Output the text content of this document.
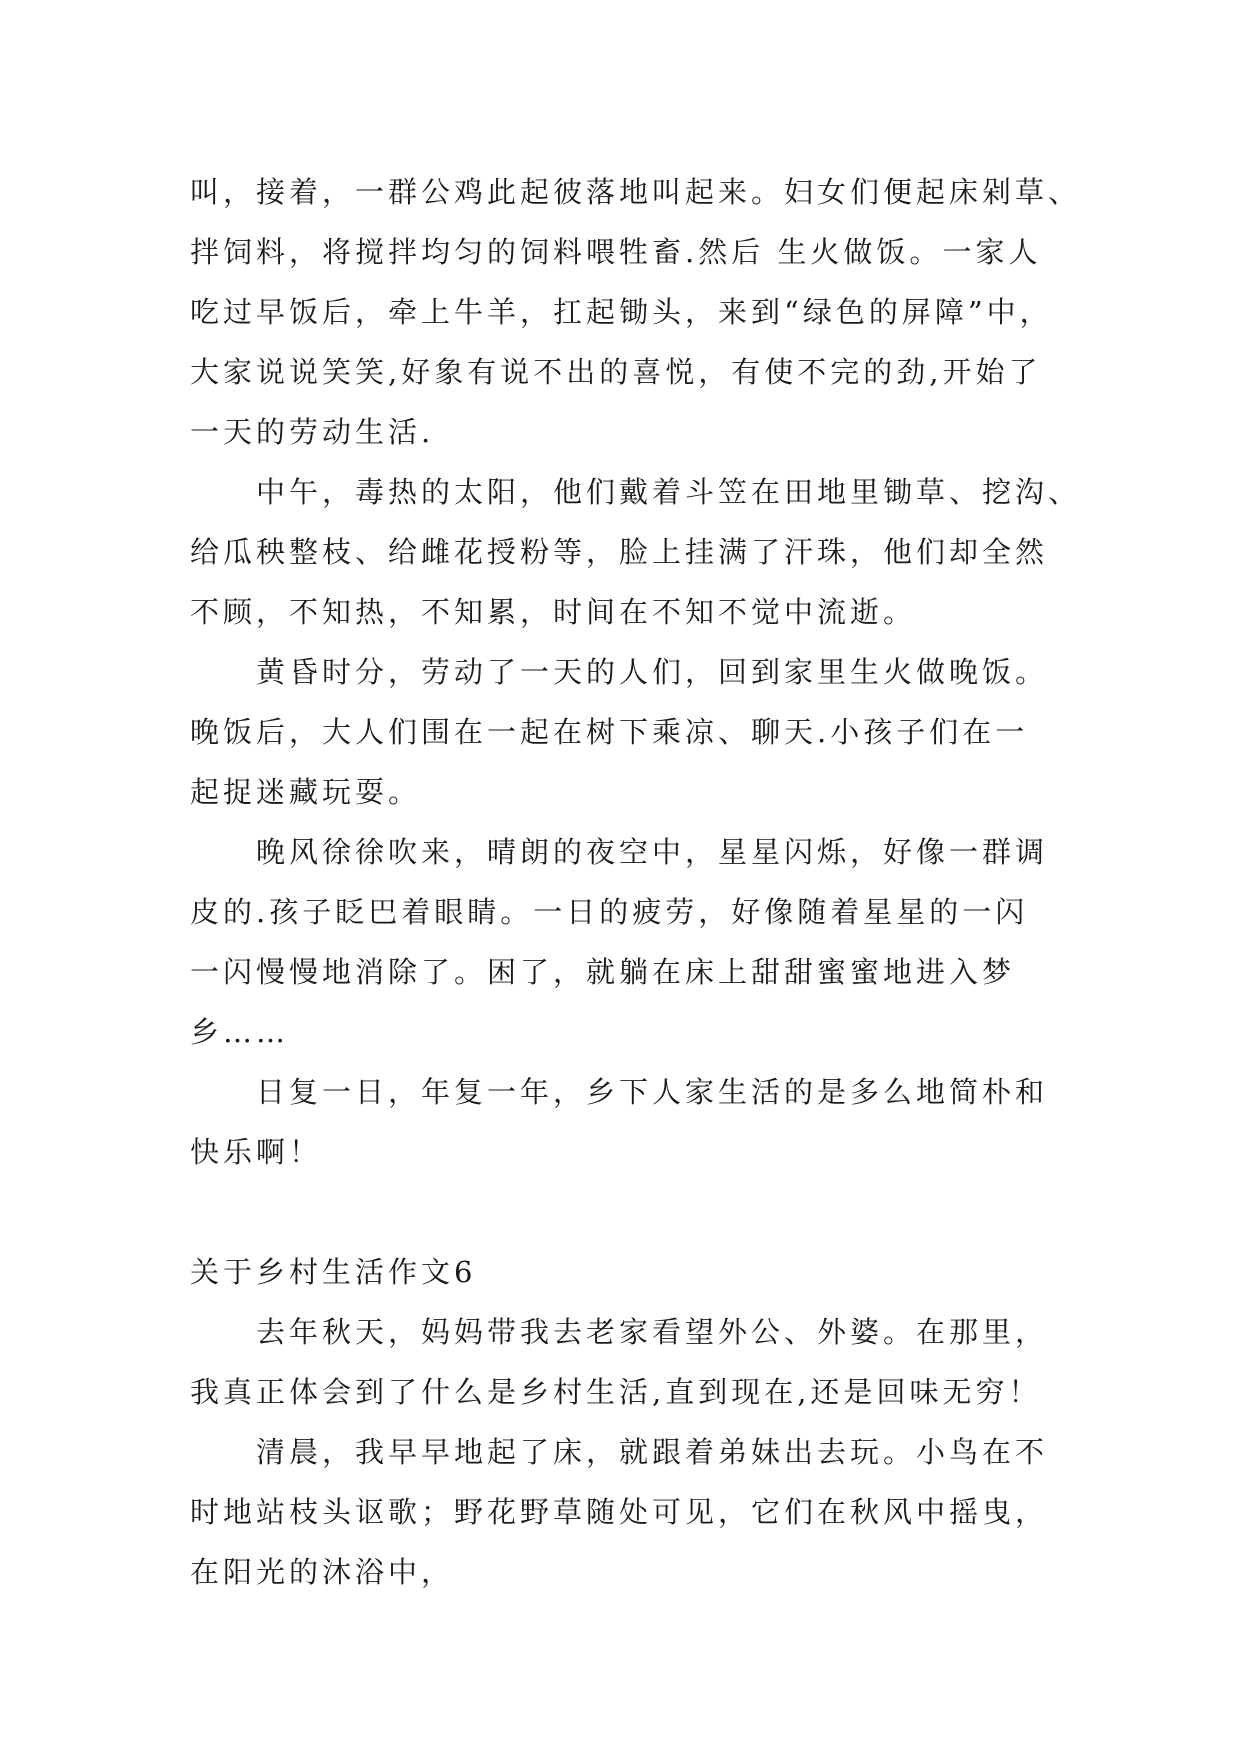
叫，接着，一群公鸡此起彼落地叫起来。妇女们便起床剁草、
拌饲料，将搅拌均匀的饲料喂牲畜.然后 生火做饭。一家人
吃过早饭后，牵上牛羊，扛起锄头，来到“绿色的屏障”中，
大家说说笑笑,好象有说不出的喜悦，有使不完的劲,开始了
一天的劳动生活.

中午，毒热的太阳，他们戴着斗笠在田地里锄草、挖沟、
给瓜秧整枝、给雌花授粉等，脸上挂满了汗珠，他们却全然
不顾，不知热，不知累，时间在不知不觉中流逝。

黄昏时分，劳动了一天的人们，回到家里生火做晚饭。
晚饭后，大人们围在一起在树下乘凉、聊天.小孩子们在一
起捉迷藏玩耍。

晚风徐徐吹来，晴朗的夜空中，星星闪烁，好像一群调
皮的.孩子眨巴着眼睛。一日的疲劳，好像随着星星的一闪
一闪慢慢地消除了。困了，就躺在床上甜甜蜜蜜地进入梦
乡……

日复一日，年复一年，乡下人家生活的是多么地简朴和
快乐啊！

关于乡村生活作文6

去年秋天，妈妈带我去老家看望外公、外婆。在那里，
我真正体会到了什么是乡村生活,直到现在,还是回味无穷！

清晨，我早早地起了床，就跟着弟妹出去玩。小鸟在不
时地站枝头讴歌；野花野草随处可见，它们在秋风中摇曳，
在阳光的沐浴中，
